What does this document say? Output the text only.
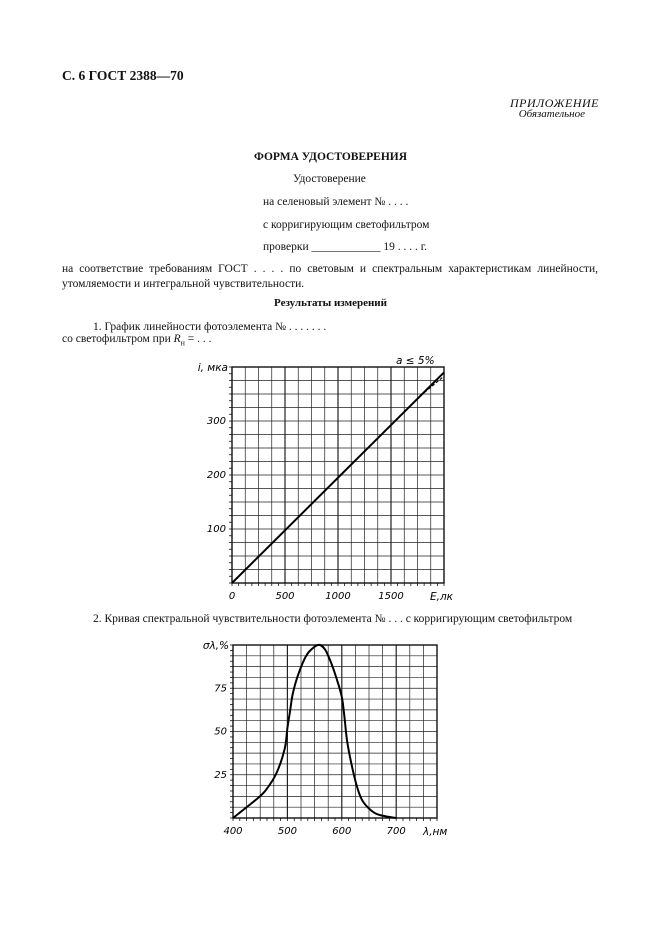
С. 6 ГОСТ 2388—70
ПРИЛОЖЕНИЕ
Обязательное
ФОРМА УДОСТОВЕРЕНИЯ
Удостоверение
на селеновый элемент № . . . .
с корригирующим светофильтром
проверки ____________ 19 . . . . г.
на соответствие требованиям ГОСТ . . . . по световым и спектральным характеристикам линейности, утомляемости и интегральной чувствительности.
Результаты измерений
1. График линейности фотоэлемента № . . . . . . .
со светофильтром при $R_н$ = . . .
2. Кривая спектральной чувствительности фотоэлемента № . . . с корригирующим светофильтром
100
200
300
0	500	1000	1500
i, мка
E,лк
a ≤ 5%
25
50
75
400	500	600	700
σλ,%
λ,нм
